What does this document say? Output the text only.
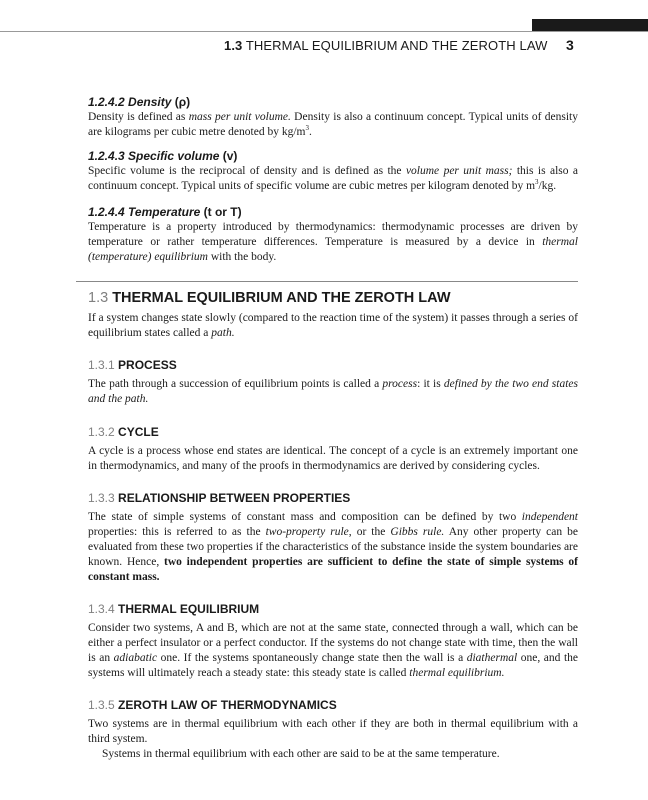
1.3 THERMAL EQUILIBRIUM AND THE ZEROTH LAW 3
1.2.4.2 Density (ρ)

Density is defined as mass per unit volume. Density is also a continuum concept. Typical units of density are kilograms per cubic metre denoted by $kg/m^3$.

1.2.4.3 Specific volume (v)

Specific volume is the reciprocal of density and is defined as the volume per unit mass; this is also a continuum concept. Typical units of specific volume are cubic metres per kilogram denoted by $m^3/kg$.

1.2.4.4 Temperature (t or T)

Temperature is a property introduced by thermodynamics: thermodynamic processes are driven by temperature or rather temperature differences. Temperature is measured by a device in thermal (temperature) equilibrium with the body.

1.3 THERMAL EQUILIBRIUM AND THE ZEROTH LAW

If a system changes state slowly (compared to the reaction time of the system) it passes through a series of equilibrium states called a path.

1.3.1 PROCESS

The path through a succession of equilibrium points is called a process: it is defined by the two end states and the path.

1.3.2 CYCLE

A cycle is a process whose end states are identical. The concept of a cycle is an extremely important one in thermodynamics, and many of the proofs in thermodynamics are derived by considering cycles.

1.3.3 RELATIONSHIP BETWEEN PROPERTIES

The state of simple systems of constant mass and composition can be defined by two independent properties: this is referred to as the two-property rule, or the Gibbs rule. Any other property can be evaluated from these two properties if the characteristics of the substance inside the system boundaries are known. Hence, two independent properties are sufficient to define the state of simple systems of constant mass.

1.3.4 THERMAL EQUILIBRIUM

Consider two systems, A and B, which are not at the same state, connected through a wall, which can be either a perfect insulator or a perfect conductor. If the systems do not change state with time, then the wall is an adiabatic one. If the systems spontaneously change state then the wall is a diathermal one, and the systems will ultimately reach a steady state: this steady state is called thermal equilibrium.

1.3.5 ZEROTH LAW OF THERMODYNAMICS

Two systems are in thermal equilibrium with each other if they are both in thermal equilibrium with a third system.

Systems in thermal equilibrium with each other are said to be at the same temperature.
